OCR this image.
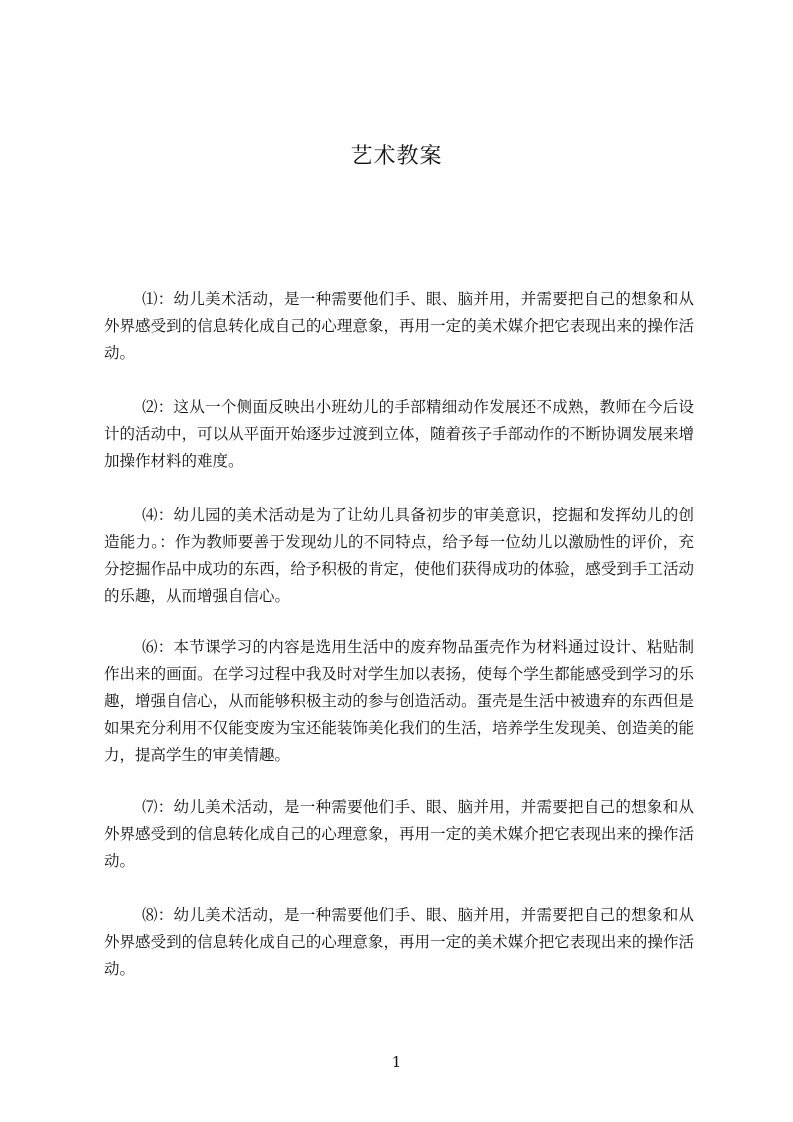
艺术教案

⑴：幼儿美术活动，是一种需要他们手、眼、脑并用，并需要把自己的想象和从外界感受到的信息转化成自己的心理意象，再用一定的美术媒介把它表现出来的操作活动。

⑵：这从一个侧面反映出小班幼儿的手部精细动作发展还不成熟，教师在今后设计的活动中，可以从平面开始逐步过渡到立体，随着孩子手部动作的不断协调发展来增加操作材料的难度。

⑷：幼儿园的美术活动是为了让幼儿具备初步的审美意识，挖掘和发挥幼儿的创造能力。：作为教师要善于发现幼儿的不同特点，给予每一位幼儿以激励性的评价，充分挖掘作品中成功的东西，给予积极的肯定，使他们获得成功的体验，感受到手工活动的乐趣，从而增强自信心。

⑹：本节课学习的内容是选用生活中的废弃物品蛋壳作为材料通过设计、粘贴制作出来的画面。在学习过程中我及时对学生加以表扬，使每个学生都能感受到学习的乐趣，增强自信心，从而能够积极主动的参与创造活动。蛋壳是生活中被遗弃的东西但是如果充分利用不仅能变废为宝还能装饰美化我们的生活，培养学生发现美、创造美的能力，提高学生的审美情趣。

⑺：幼儿美术活动，是一种需要他们手、眼、脑并用，并需要把自己的想象和从外界感受到的信息转化成自己的心理意象，再用一定的美术媒介把它表现出来的操作活动。

⑻：幼儿美术活动，是一种需要他们手、眼、脑并用，并需要把自己的想象和从外界感受到的信息转化成自己的心理意象，再用一定的美术媒介把它表现出来的操作活动。

1
